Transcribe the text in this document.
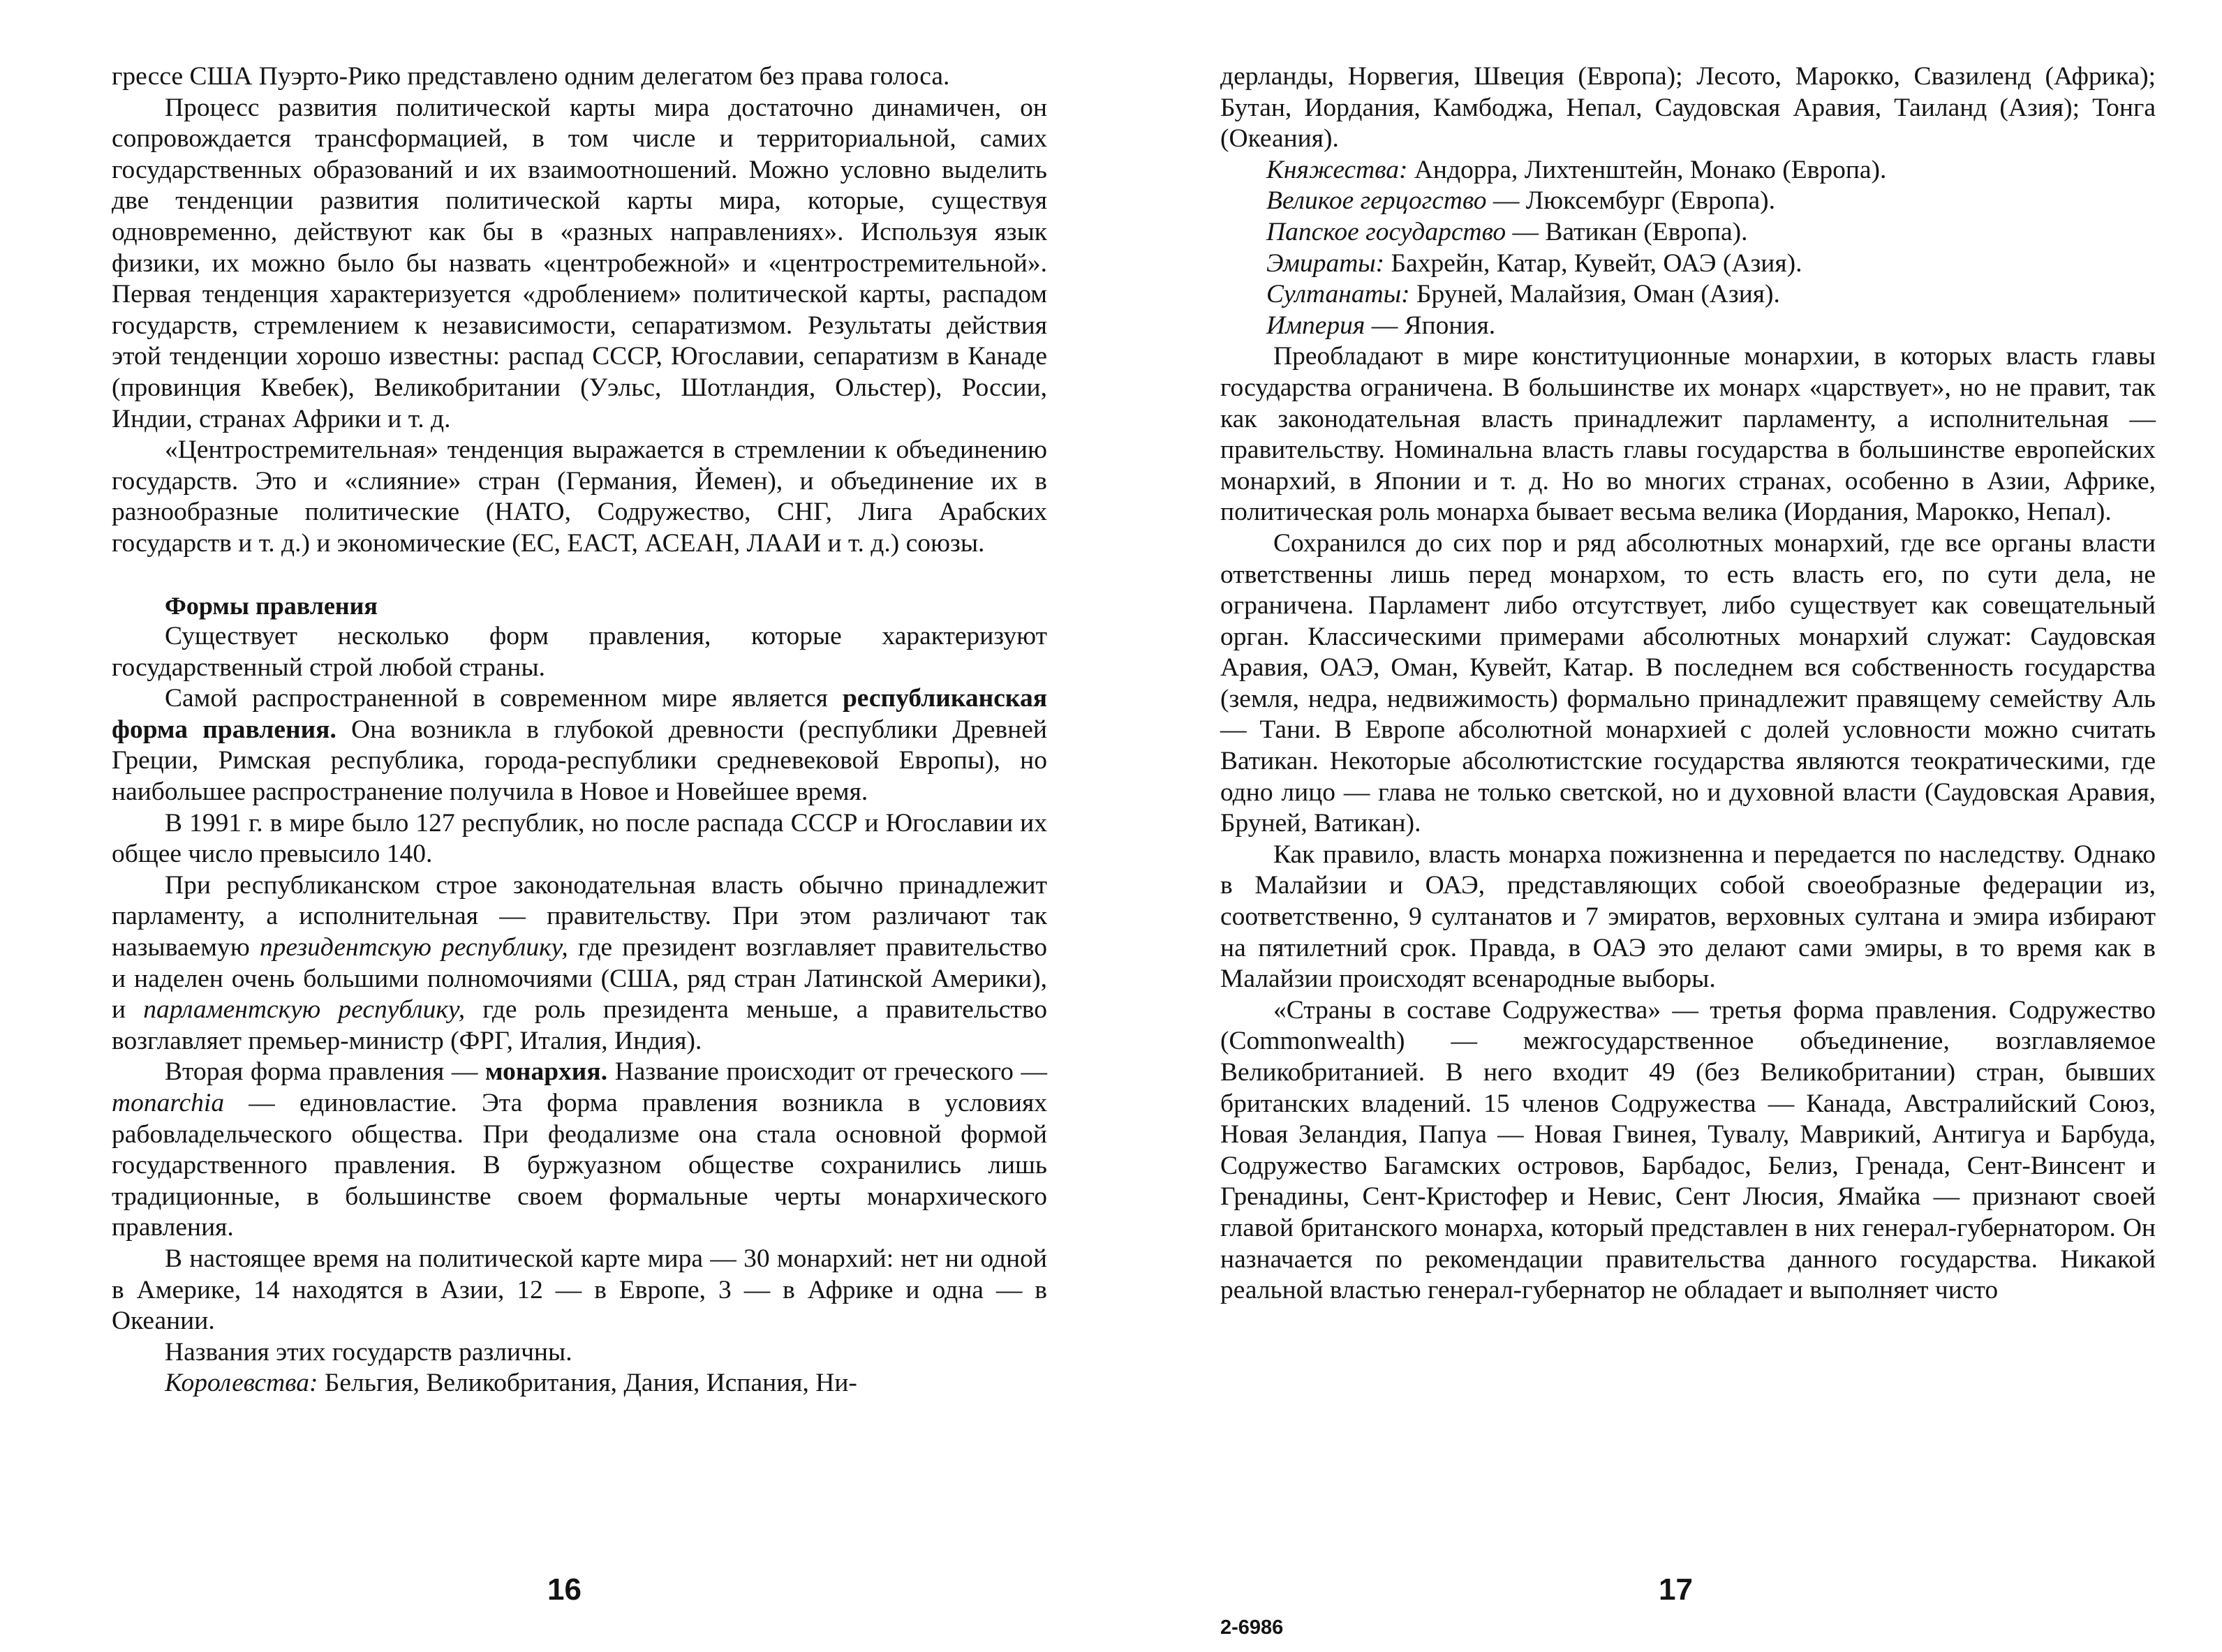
грессе США Пуэрто-Рико представлено одним делегатом без права голоса.

Процесс развития политической карты мира достаточно динамичен, он сопровождается трансформацией, в том числе и территориальной, самих государственных образований и их взаимоотношений. Можно условно выделить две тенденции развития политической карты мира, которые, существуя одновременно, действуют как бы в «разных направлениях». Используя язык физики, их можно было бы назвать «центробежной» и «центростремительной». Первая тенденция характеризуется «дроблением» политической карты, распадом государств, стремлением к независимости, сепаратизмом. Результаты действия этой тенденции хорошо известны: распад СССР, Югославии, сепаратизм в Канаде (провинция Квебек), Великобритании (Уэльс, Шотландия, Ольстер), России, Индии, странах Африки и т. д.

«Центростремительная» тенденция выражается в стремлении к объединению государств. Это и «слияние» стран (Германия, Йемен), и объединение их в разнообразные политические (НАТО, Содружество, СНГ, Лига Арабских государств и т. д.) и экономические (ЕС, ЕАСТ, АСЕАН, ЛААИ и т. д.) союзы.

Формы правления

Существует несколько форм правления, которые характеризуют государственный строй любой страны.

Самой распространенной в современном мире является республиканская форма правления. Она возникла в глубокой древности (республики Древней Греции, Римская республика, города-республики средневековой Европы), но наибольшее распространение получила в Новое и Новейшее время.

В 1991 г. в мире было 127 республик, но после распада СССР и Югославии их общее число превысило 140.

При республиканском строе законодательная власть обычно принадлежит парламенту, а исполнительная — правительству. При этом различают так называемую президентскую республику, где президент возглавляет правительство и наделен очень большими полномочиями (США, ряд стран Латинской Америки), и парламентскую республику, где роль президента меньше, а правительство возглавляет премьер-министр (ФРГ, Италия, Индия).

Вторая форма правления — монархия. Название происходит от греческого — monarchia — единовластие. Эта форма правления возникла в условиях рабовладельческого общества. При феодализме она стала основной формой государственного правления. В буржуазном обществе сохранились лишь традиционные, в большинстве своем формальные черты монархического правления.

В настоящее время на политической карте мира — 30 монархий: нет ни одной в Америке, 14 находятся в Азии, 12 — в Европе, 3 — в Африке и одна — в Океании.

Названия этих государств различны.

Королевства: Бельгия, Великобритания, Дания, Испания, Ни-

16

дерланды, Норвегия, Швеция (Европа); Лесото, Марокко, Свазиленд (Африка); Бутан, Иордания, Камбоджа, Непал, Саудовская Аравия, Таиланд (Азия); Тонга (Океания).

Княжества: Андорра, Лихтенштейн, Монако (Европа).

Великое герцогство — Люксембург (Европа).

Папское государство — Ватикан (Европа).

Эмираты: Бахрейн, Катар, Кувейт, ОАЭ (Азия).

Султанаты: Бруней, Малайзия, Оман (Азия).

Империя — Япония.

Преобладают в мире конституционные монархии, в которых власть главы государства ограничена. В большинстве их монарх «царствует», но не правит, так как законодательная власть принадлежит парламенту, а исполнительная — правительству. Номинальна власть главы государства в большинстве европейских монархий, в Японии и т. д. Но во многих странах, особенно в Азии, Африке, политическая роль монарха бывает весьма велика (Иордания, Марокко, Непал).

Сохранился до сих пор и ряд абсолютных монархий, где все органы власти ответственны лишь перед монархом, то есть власть его, по сути дела, не ограничена. Парламент либо отсутствует, либо существует как совещательный орган. Классическими примерами абсолютных монархий служат: Саудовская Аравия, ОАЭ, Оман, Кувейт, Катар. В последнем вся собственность государства (земля, недра, недвижимость) формально принадлежит правящему семейству Аль — Тани. В Европе абсолютной монархией с долей условности можно считать Ватикан. Некоторые абсолютистские государства являются теократическими, где одно лицо — глава не только светской, но и духовной власти (Саудовская Аравия, Бруней, Ватикан).

Как правило, власть монарха пожизненна и передается по наследству. Однако в Малайзии и ОАЭ, представляющих собой своеобразные федерации из, соответственно, 9 султанатов и 7 эмиратов, верховных султана и эмира избирают на пятилетний срок. Правда, в ОАЭ это делают сами эмиры, в то время как в Малайзии происходят всенародные выборы.

«Страны в составе Содружества» — третья форма правления. Содружество (Commonwealth) — межгосударственное объединение, возглавляемое Великобританией. В него входит 49 (без Великобритании) стран, бывших британских владений. 15 членов Содружества — Канада, Австралийский Союз, Новая Зеландия, Папуа — Новая Гвинея, Тувалу, Маврикий, Антигуа и Барбуда, Содружество Багамских островов, Барбадос, Белиз, Гренада, Сент-Винсент и Гренадины, Сент-Кристофер и Невис, Сент Люсия, Ямайка — признают своей главой британского монарха, который представлен в них генерал-губернатором. Он назначается по рекомендации правительства данного государства. Никакой реальной властью генерал-губернатор не обладает и выполняет чисто

17
2-6986
